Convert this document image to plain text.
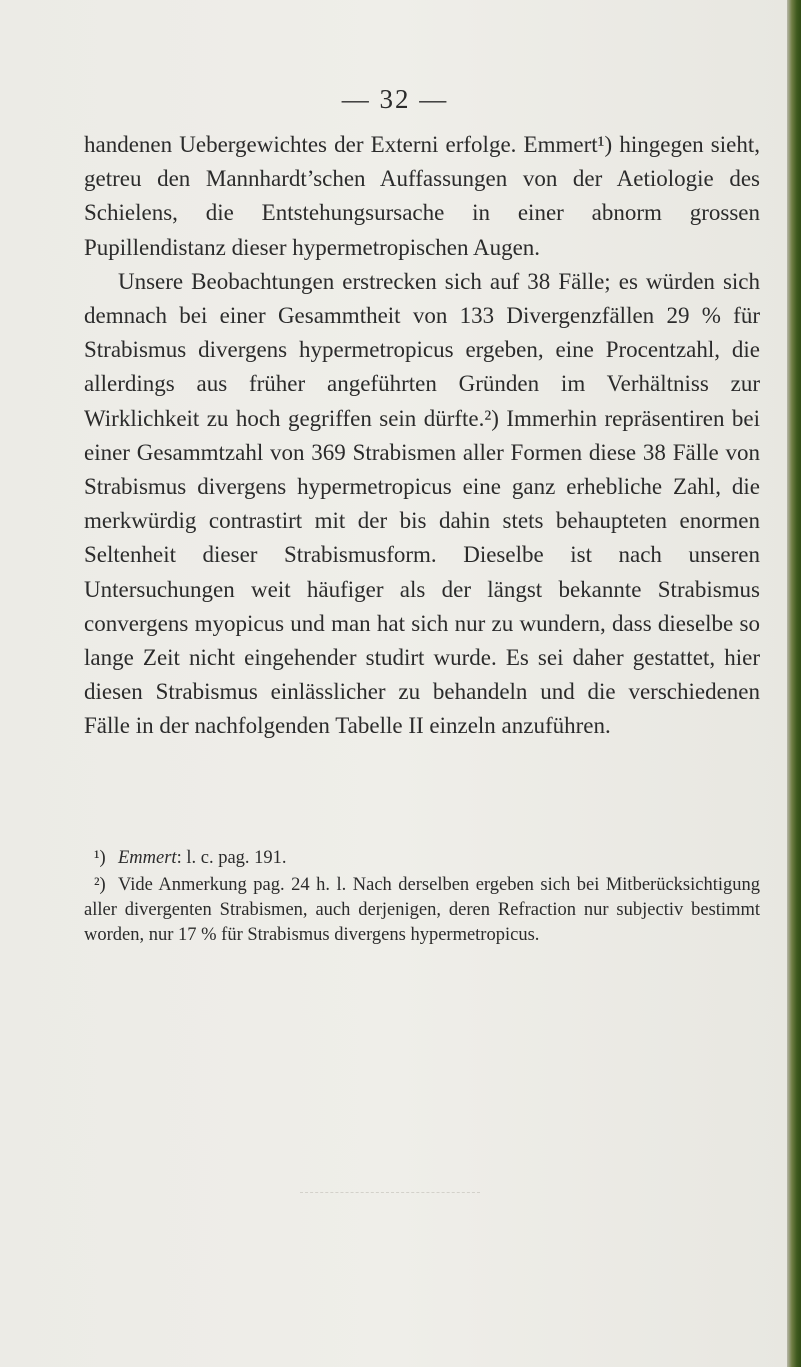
— 32 —

handenen Uebergewichtes der Externi erfolge. Emmert¹) hingegen sieht, getreu den Mannhardt’schen Auffassungen von der Aetiologie des Schielens, die Entstehungsursache in einer abnorm grossen Pupillendistanz dieser hypermetropischen Augen.

Unsere Beobachtungen erstrecken sich auf 38 Fälle; es würden sich demnach bei einer Gesammtheit von 133 Divergenzfällen 29 % für Strabismus divergens hypermetropicus ergeben, eine Procentzahl, die allerdings aus früher angeführten Gründen im Verhältniss zur Wirklichkeit zu hoch gegriffen sein dürfte.²) Immerhin repräsentiren bei einer Gesammtzahl von 369 Strabismen aller Formen diese 38 Fälle von Strabismus divergens hypermetropicus eine ganz erhebliche Zahl, die merkwürdig contrastirt mit der bis dahin stets behaupteten enormen Seltenheit dieser Strabismusform. Dieselbe ist nach unseren Untersuchungen weit häufiger als der längst bekannte Strabismus convergens myopicus und man hat sich nur zu wundern, dass dieselbe so lange Zeit nicht eingehender studirt wurde. Es sei daher gestattet, hier diesen Strabismus einlässlicher zu behandeln und die verschiedenen Fälle in der nachfolgenden Tabelle II einzeln anzuführen.

¹) Emmert: l. c. pag. 191.

²) Vide Anmerkung pag. 24 h. l. Nach derselben ergeben sich bei Mitberücksichtigung aller divergenten Strabismen, auch derjenigen, deren Refraction nur subjectiv bestimmt worden, nur 17 % für Strabismus divergens hypermetropicus.
